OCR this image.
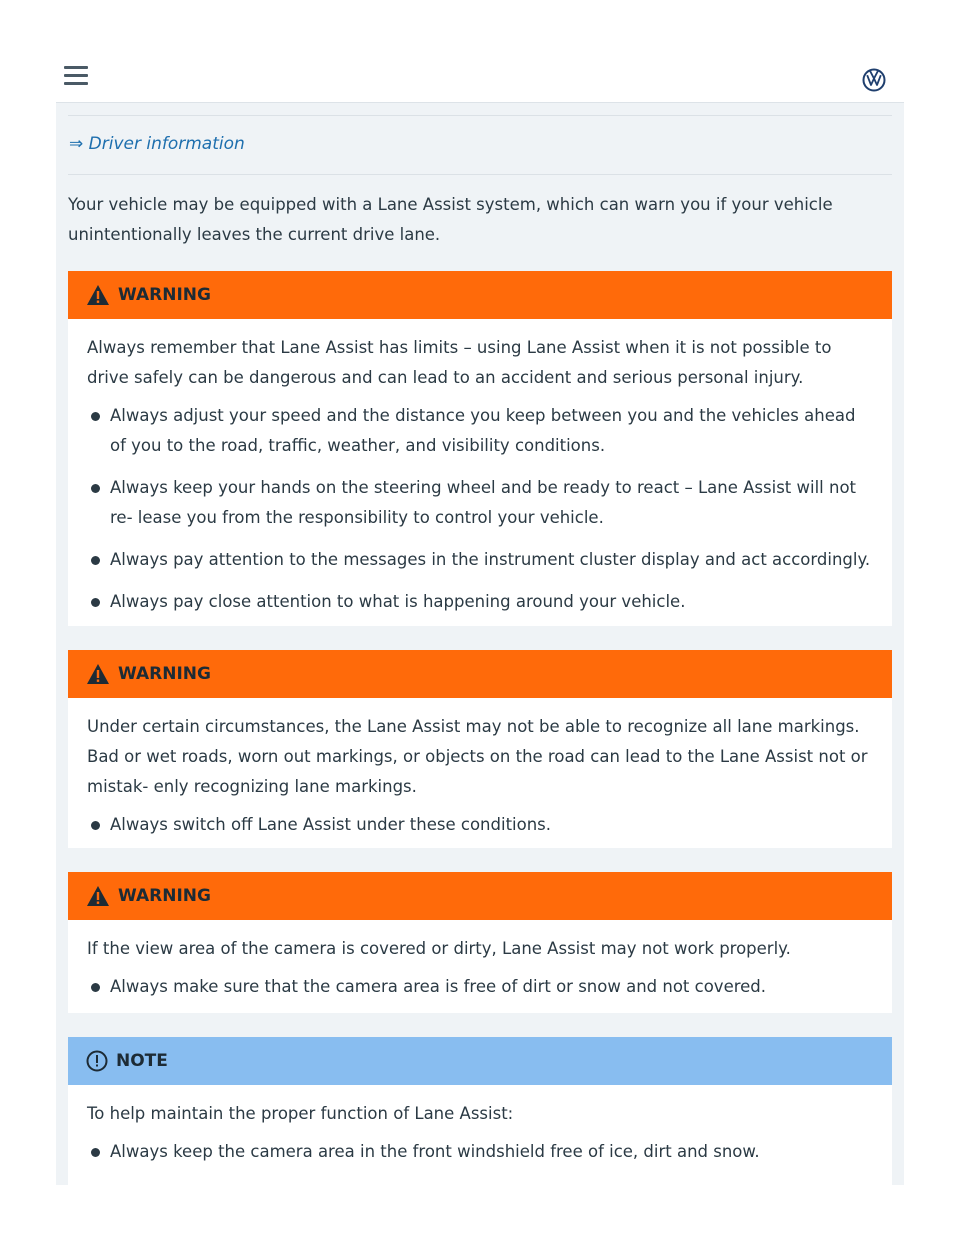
⇒ Driver information
Your vehicle may be equipped with a Lane Assist system, which can warn you if your vehicle unintentionally leaves the current drive lane.
WARNING

Always remember that Lane Assist has limits – using Lane Assist when it is not possible to drive safely can be dangerous and can lead to an accident and serious personal injury.

Always adjust your speed and the distance you keep between you and the vehicles ahead of you to the road, traffic, weather, and visibility conditions.
Always keep your hands on the steering wheel and be ready to react – Lane Assist will not re- lease you from the responsibility to control your vehicle.
Always pay attention to the messages in the instrument cluster display and act accordingly.
Always pay close attention to what is happening around your vehicle.
WARNING

Under certain circumstances, the Lane Assist may not be able to recognize all lane markings. Bad or wet roads, worn out markings, or objects on the road can lead to the Lane Assist not or mistak- enly recognizing lane markings.

Always switch off Lane Assist under these conditions.
WARNING

If the view area of the camera is covered or dirty, Lane Assist may not work properly.

Always make sure that the camera area is free of dirt or snow and not covered.
NOTE

To help maintain the proper function of Lane Assist:

Always keep the camera area in the front windshield free of ice, dirt and snow.
